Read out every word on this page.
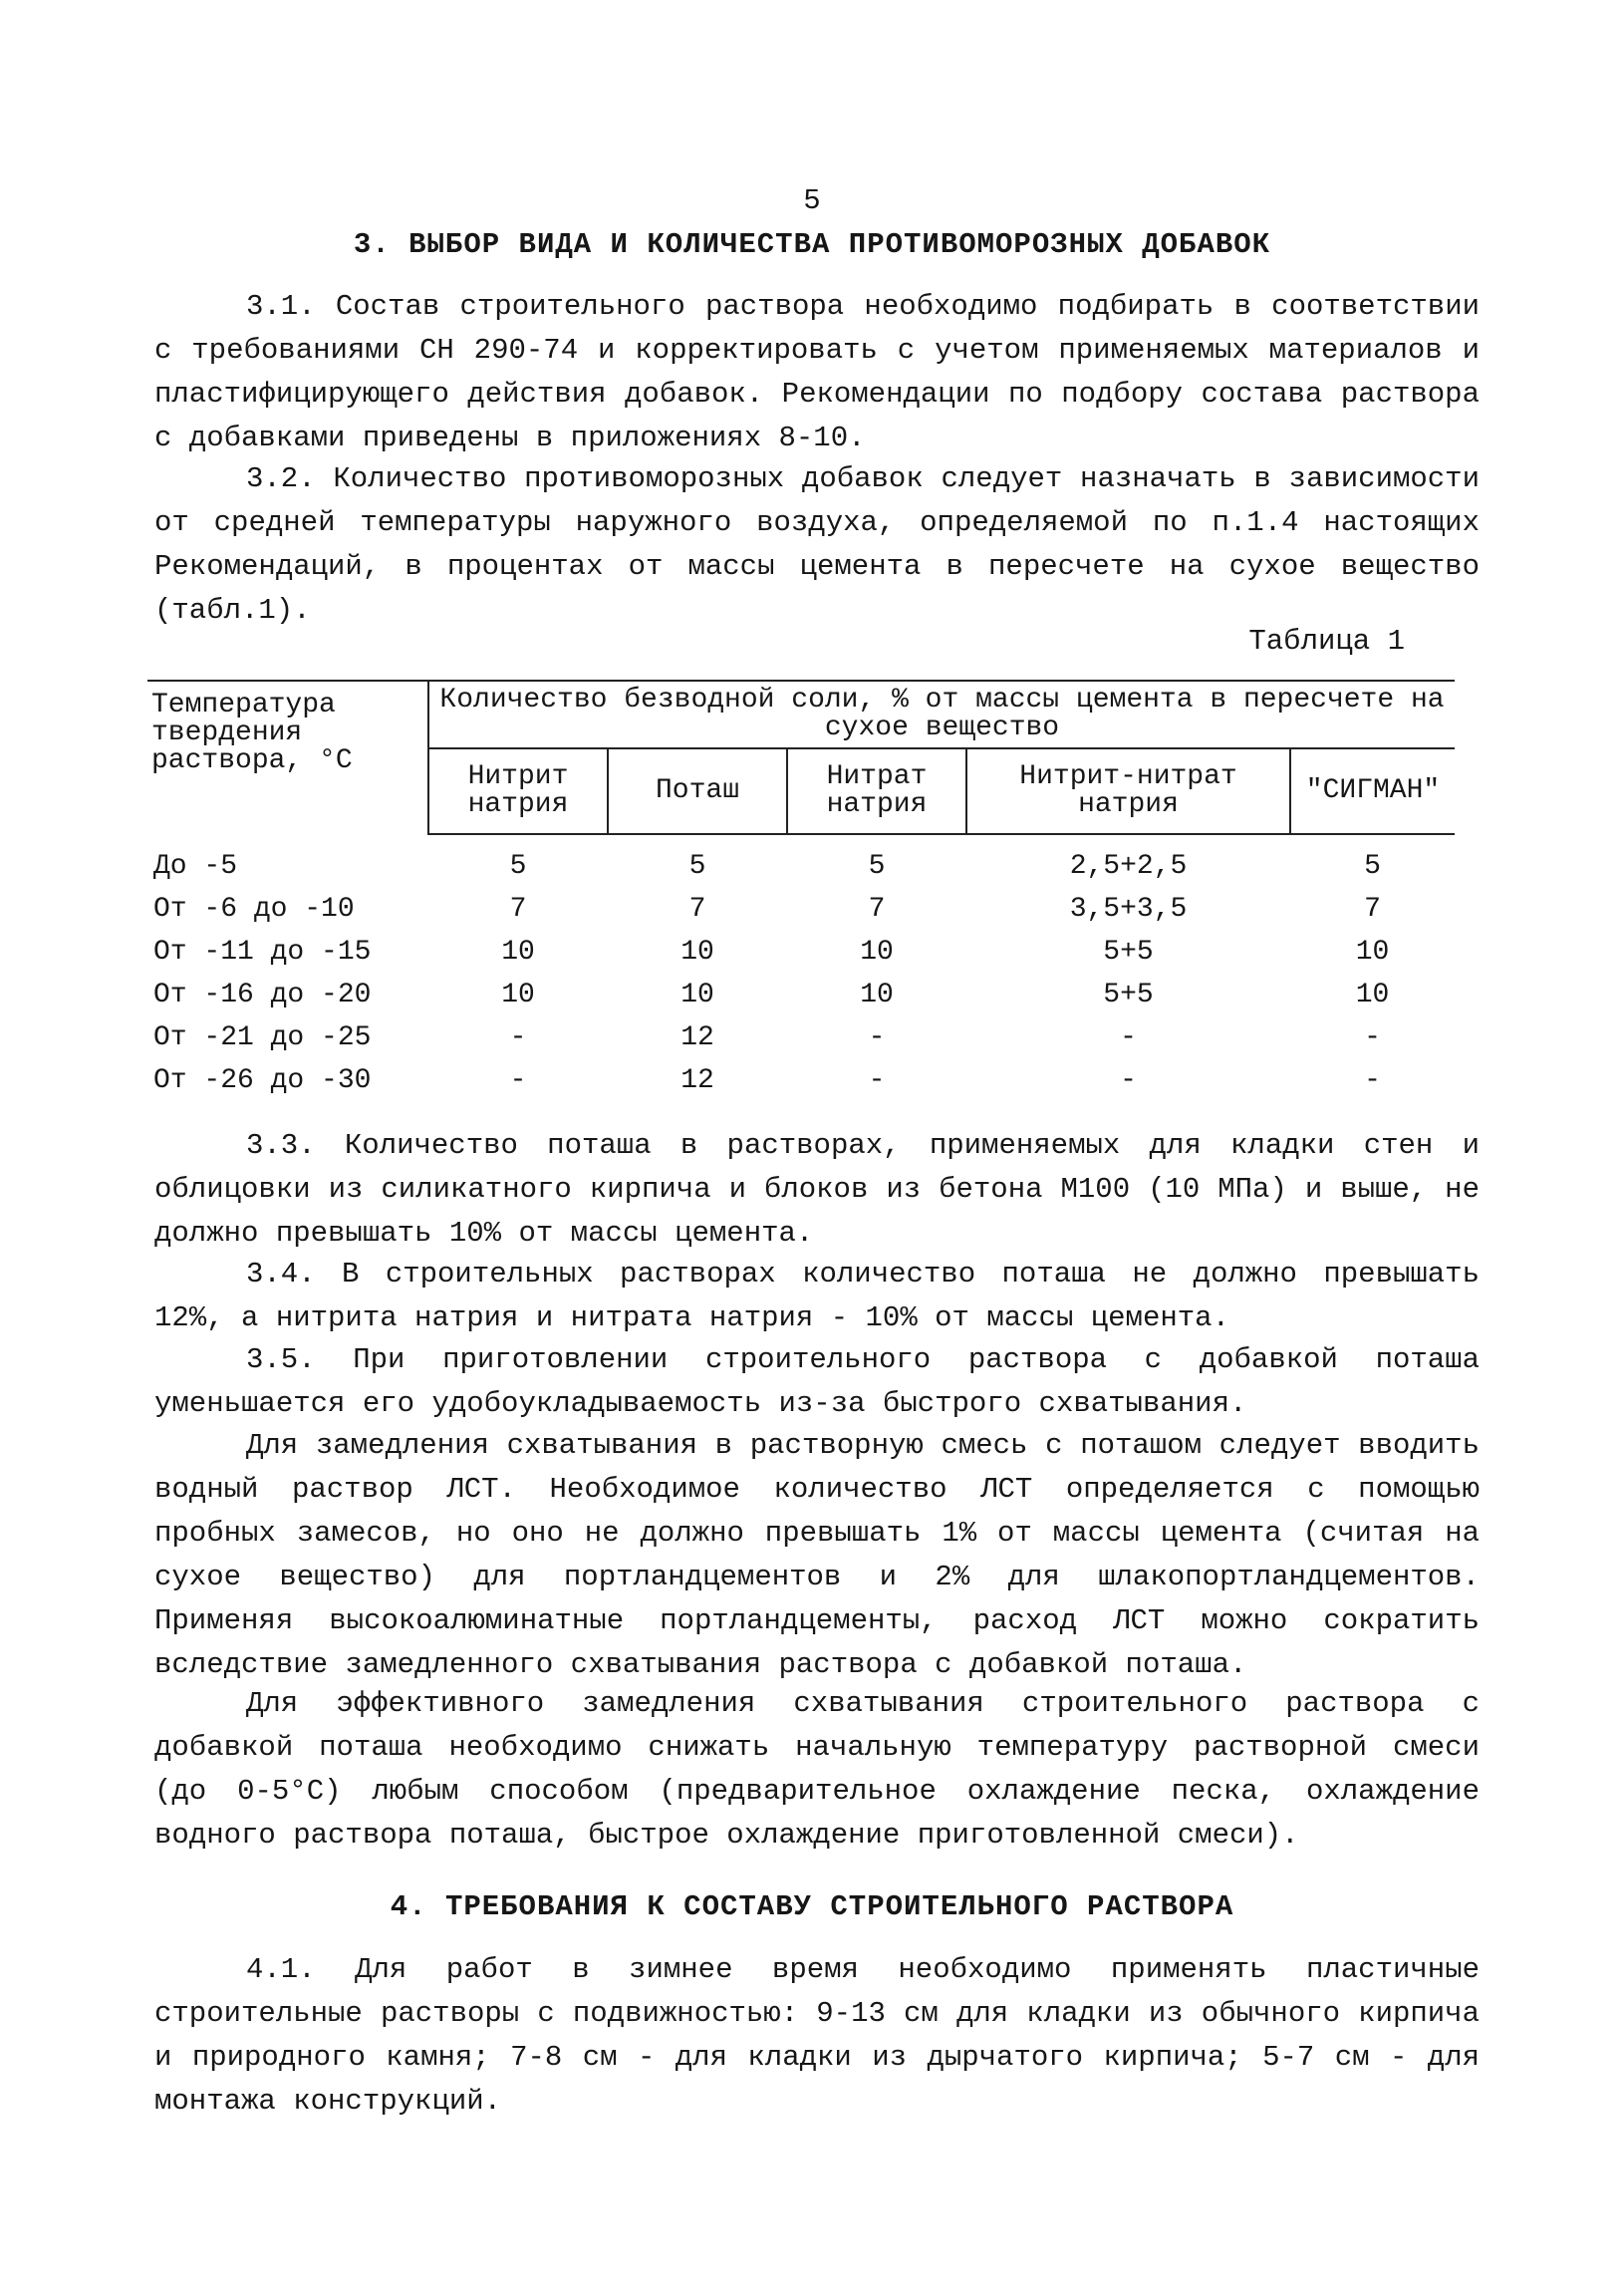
5
3. ВЫБОР ВИДА И КОЛИЧЕСТВА ПРОТИВОМОРОЗНЫХ ДОБАВОК

3.1. Состав строительного раствора необходимо подбирать в соответствии с требованиями СН 290-74 и корректировать с учетом применяемых материалов и пластифицирующего действия добавок. Рекомендации по подбору состава раствора с добавками приведены в приложениях 8-10.

3.2. Количество противоморозных добавок следует назначать в зависимости от средней температуры наружного воздуха, определяемой по п.1.4 настоящих Рекомендаций, в процентах от массы цемента в пересчете на сухое вещество (табл.1).

Таблица 1
Температура твердения раствора, °С	Количество безводной соли, % от массы цемента в пересчете на сухое вещество				
	Нитрит натрия	Поташ	Нитрат натрия	Нитрит-нитрат натрия	"СИГМАН"
До -5	5	5	5	2,5+2,5	5
От -6 до -10	7	7	7	3,5+3,5	7
От -11 до -15	10	10	10	5+5	10
От -16 до -20	10	10	10	5+5	10
От -21 до -25	-	12	-	-	-
От -26 до -30	-	12	-	-	-

3.3. Количество поташа в растворах, применяемых для кладки стен и облицовки из силикатного кирпича и блоков из бетона М100 (10 МПа) и выше, не должно превышать 10% от массы цемента.

3.4. В строительных растворах количество поташа не должно превышать 12%, а нитрита натрия и нитрата натрия - 10% от массы цемента.

3.5. При приготовлении строительного раствора с добавкой поташа уменьшается его удобоукладываемость из-за быстрого схватывания.

Для замедления схватывания в растворную смесь с поташом следует вводить водный раствор ЛСТ. Необходимое количество ЛСТ определяется с помощью пробных замесов, но оно не должно превышать 1% от массы цемента (считая на сухое вещество) для портландцементов и 2% для шлакопортландцементов. Применяя высокоалюминатные портландцементы, расход ЛСТ можно сократить вследствие замедленного схватывания раствора с добавкой поташа.

Для эффективного замедления схватывания строительного раствора с добавкой поташа необходимо снижать начальную температуру растворной смеси (до 0-5°С) любым способом (предварительное охлаждение песка, охлаждение водного раствора поташа, быстрое охлаждение приготовленной смеси).

4. ТРЕБОВАНИЯ К СОСТАВУ СТРОИТЕЛЬНОГО РАСТВОРА

4.1. Для работ в зимнее время необходимо применять пластичные строительные растворы с подвижностью: 9-13 см для кладки из обычного кирпича и природного камня; 7-8 см - для кладки из дырчатого кирпича; 5-7 см - для монтажа конструкций.
